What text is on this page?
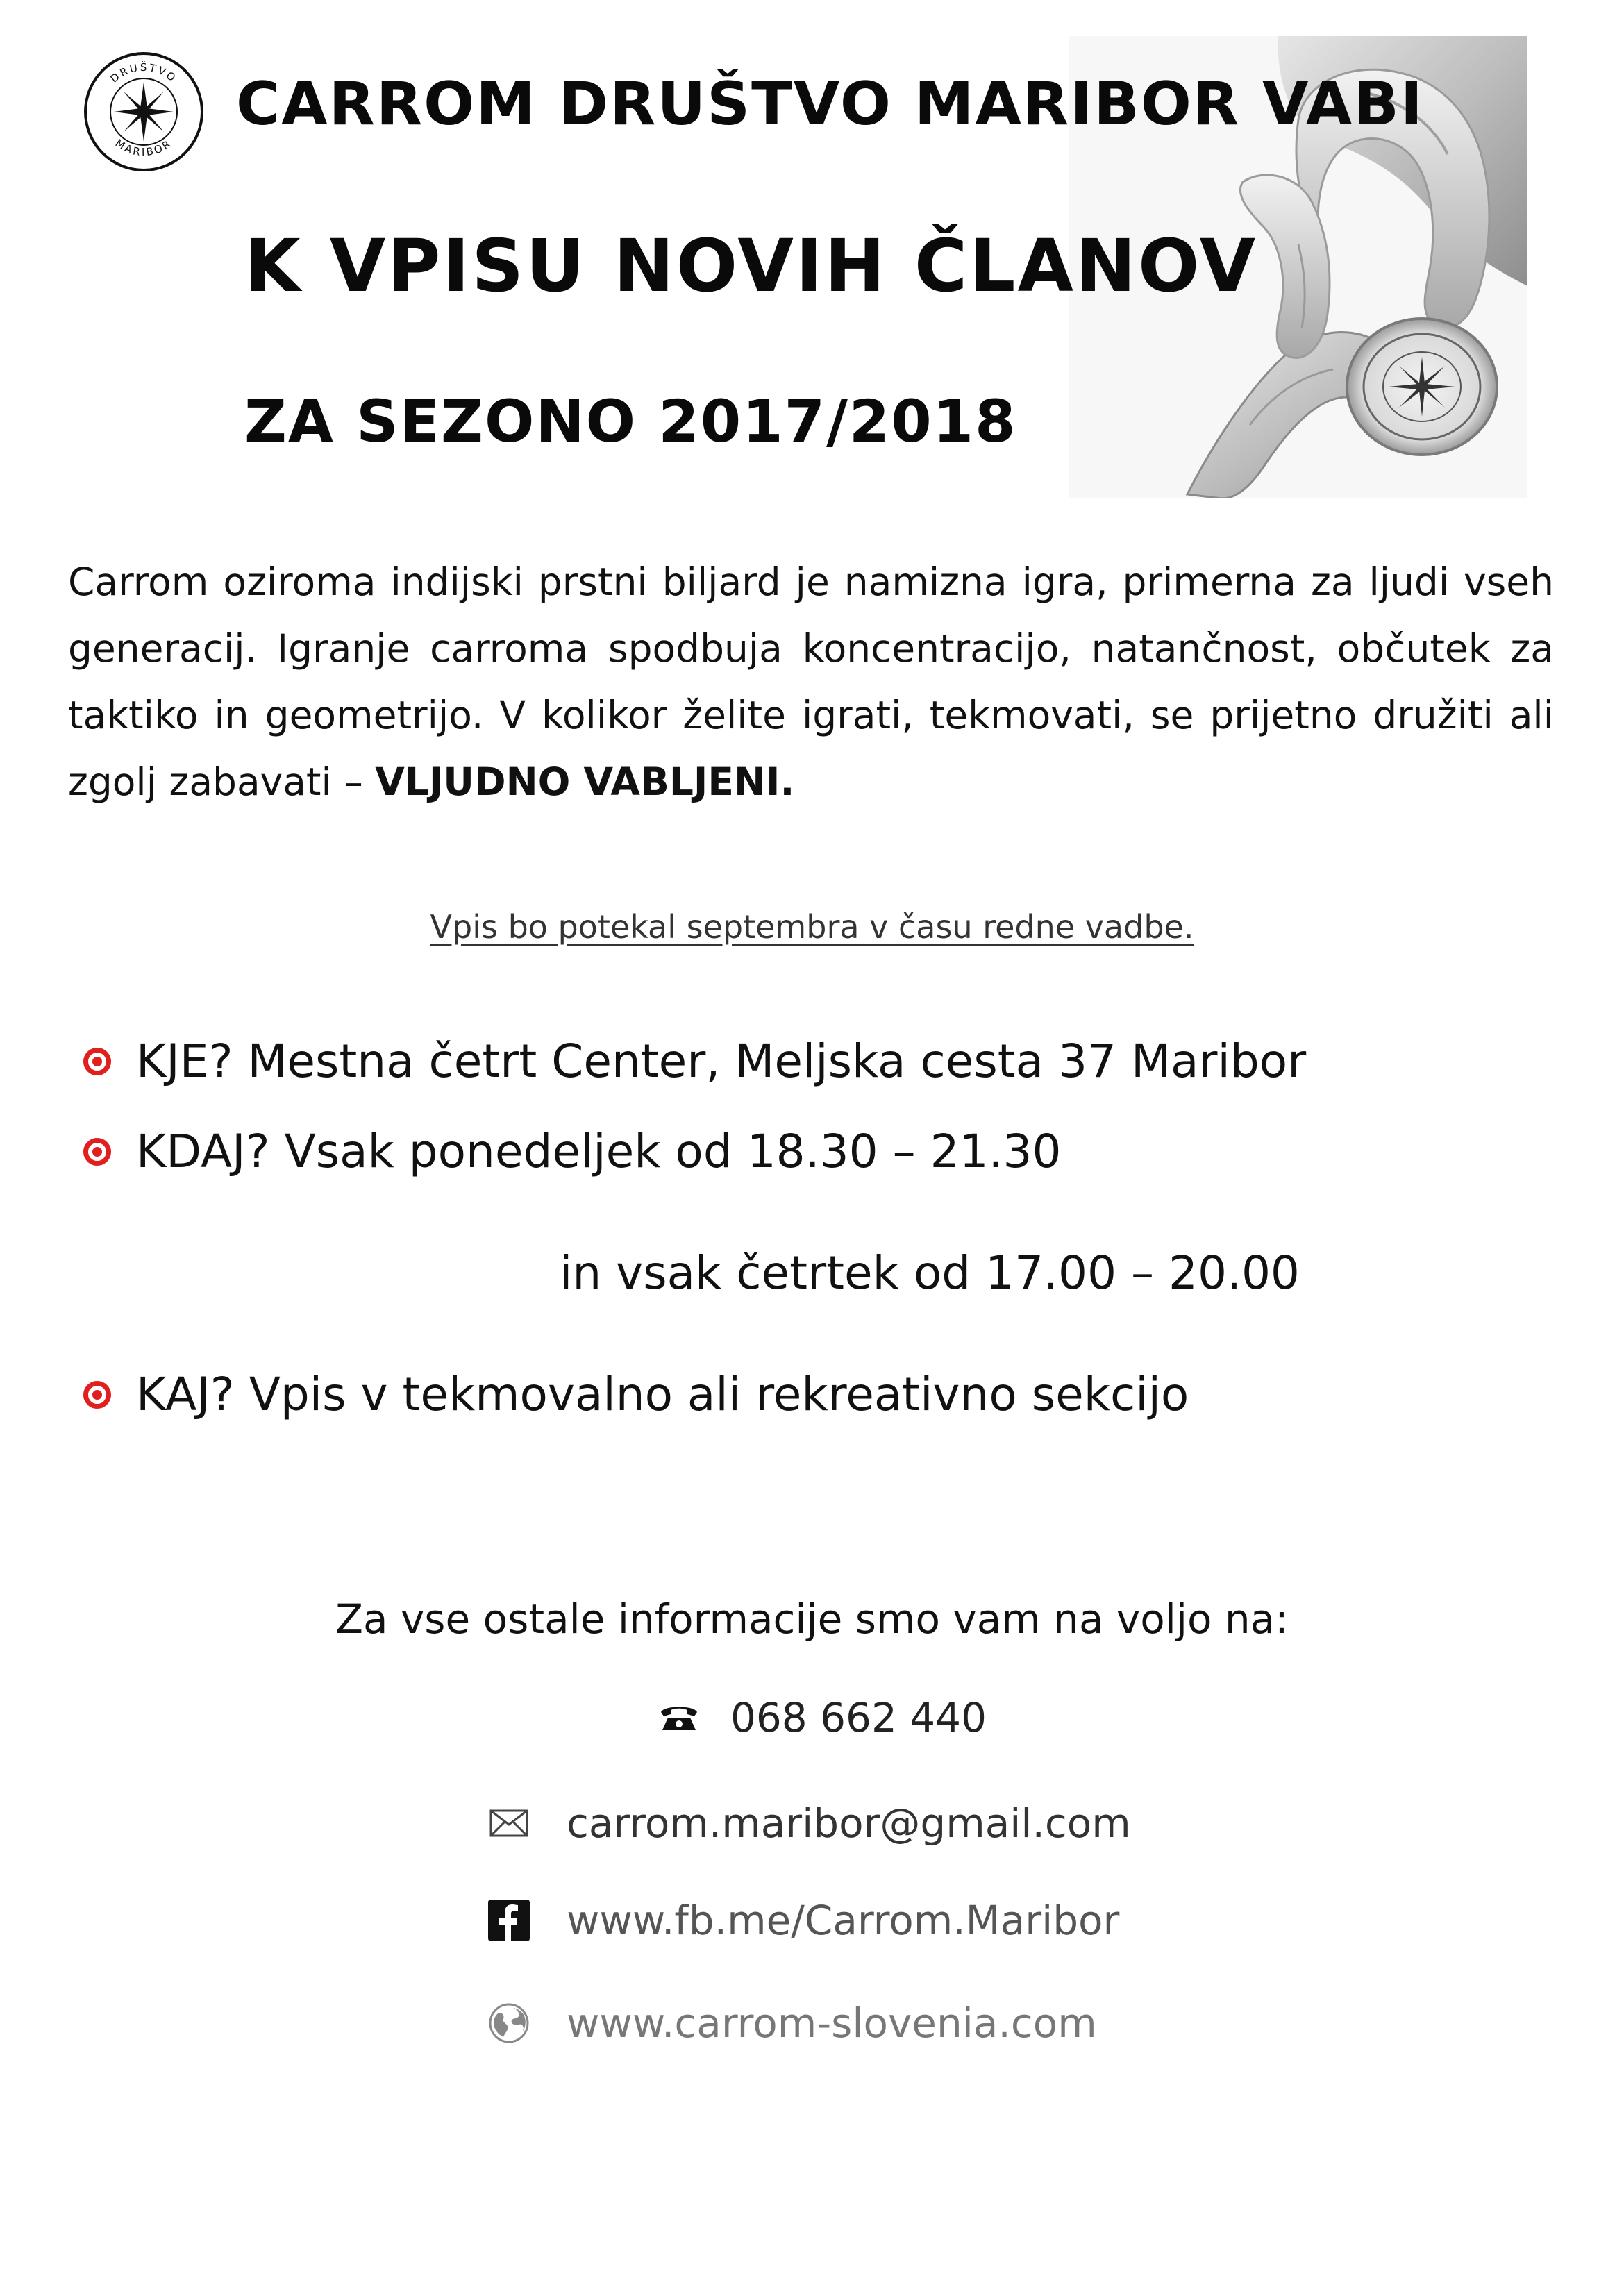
DRUŠTVO
MARIBOR
CARROM DRUŠTVO MARIBOR VABI
K VPISU NOVIH ČLANOV
ZA SEZONO 2017/2018

Carrom oziroma indijski prstni biljard je namizna igra, primerna za ljudi vseh generacij. Igranje carroma spodbuja koncentracijo, natančnost, občutek za taktiko in geometrijo. V kolikor želite igrati, tekmovati, se prijetno družiti ali zgolj zabavati – VLJUDNO VABLJENI.

Vpis bo potekal septembra v času redne vadbe.
KJE? Mestna četrt Center, Meljska cesta 37 Maribor
KDAJ? Vsak ponedeljek od 18.30 – 21.30
in vsak četrtek od 17.00 – 20.00
KAJ? Vpis v tekmovalno ali rekreativno sekcijo
Za vse ostale informacije smo vam na voljo na:
068 662 440
carrom.maribor@gmail.com
www.fb.me/Carrom.Maribor
www.carrom-slovenia.com
